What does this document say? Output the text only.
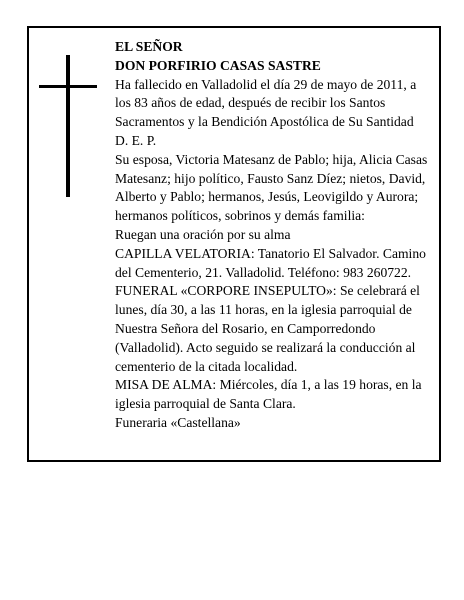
EL SEÑOR

DON PORFIRIO CASAS SASTRE

Ha fallecido en Valladolid el día 29 de mayo de 2011, a los 83 años de edad, después de recibir los Santos Sacramentos y la Bendición Apostólica de Su Santidad

D. E. P.

Su esposa, Victoria Matesanz de Pablo; hija, Alicia Casas Matesanz; hijo político, Fausto Sanz Díez; nietos, David, Alberto y Pablo; hermanos, Jesús, Leovigildo y Aurora; hermanos políticos, sobrinos y demás familia:

Ruegan una oración por su alma

CAPILLA VELATORIA: Tanatorio El Salvador. Camino del Cementerio, 21. Valladolid. Teléfono: 983 260722.

FUNERAL «CORPORE INSEPULTO»: Se celebrará el lunes, día 30, a las 11 horas, en la iglesia parroquial de Nuestra Señora del Rosario, en Camporredondo (Valladolid). Acto seguido se realizará la conducción al cementerio de la citada localidad.

MISA DE ALMA: Miércoles, día 1, a las 19 horas, en la iglesia parroquial de Santa Clara.

Funeraria «Castellana»
